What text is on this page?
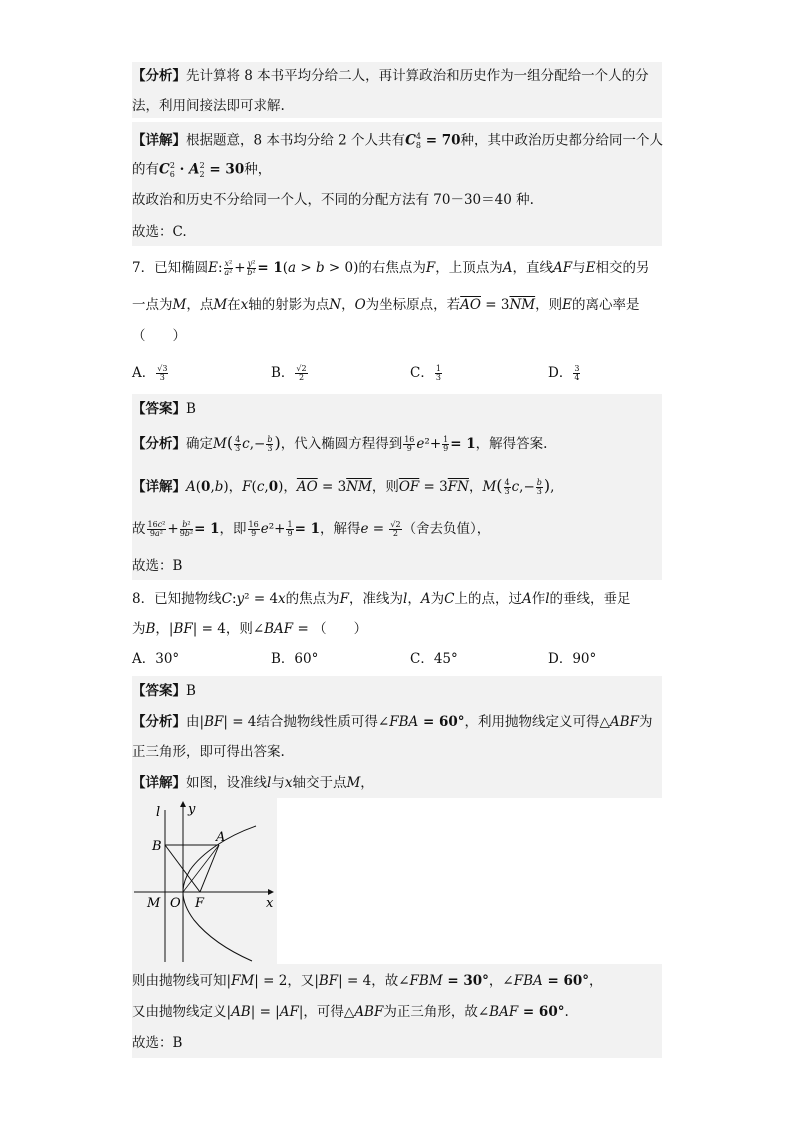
【分析】先计算将 8 本书平均分给二人，再计算政治和历史作为一组分配给一个人的分
法，利用间接法即可求解.
【详解】根据题意，8 本书均分给 2 个人共有$C_8^4 = 70$种，其中政治历史都分给同一个人
的有$C_6^2 \cdot A_2^2 = 30$种，
故政治和历史不分给同一个人，不同的分配方法有 70－30＝40 种.
故选：C.
7．已知椭圆E: $\frac{\text{x²}}{\text{a²}} + \frac{\text{y²}}{\text{b²}} = 1(a > b > 0)$的右焦点为F，上顶点为A，直线AF与E相交的另
一点为M，点M在x轴的射影为点N，O为坐标原点，若$\overline{AO} = 3\overline{NM}$，则E的离心率是
（　　）
A． $\frac{√3}{3}$	B． $\frac{√2}{2}$	C． $\frac{1}{3}$	D． $\frac{3}{4}$
【答案】B
【分析】确定$M( \frac{4}{3} c,- \frac{b}{3}$ )，代入椭圆方程得到 $\frac{16}{9} e^2+ \frac{1}{9} = 1$，解得答案.
【详解】A(0,b)，F(c,0)，$\overline{AO} = 3\overline{NM}$，则$\overline{OF} = 3\overline{FN}$，$M( \frac{4}{3} c,- \frac{b}{3}$ ),
故 $\frac{\text{16c²}}{\text{9a²}} + \frac{\text{b²}}{\text{9b²}} = 1$，即 $\frac{16}{9} e^2+ \frac{1}{9} = 1$，解得$e = \frac{√2}{2}$ （舍去负值），
故选：B
8．已知抛物线C:y² = 4x的焦点为F，准线为l，A为C上的点，过A作l的垂线，垂足
为B，|BF| = 4，则∠BAF = （　　）
A．30°	B．60°	C．45°	D．90°
【答案】B
【分析】由|BF| = 4结合抛物线性质可得∠FBA = 60°，利用抛物线定义可得△ABF为
正三角形，即可得出答案.
【详解】如图，设准线l与x轴交于点M，
l y
B
A
M O F	x
则由抛物线可知|FM| = 2，又|BF| = 4，故∠FBM = 30°，∠FBA = 60°，
又由抛物线定义|AB| = |AF|，可得△ABF为正三角形，故∠BAF = 60°.
故选：B
